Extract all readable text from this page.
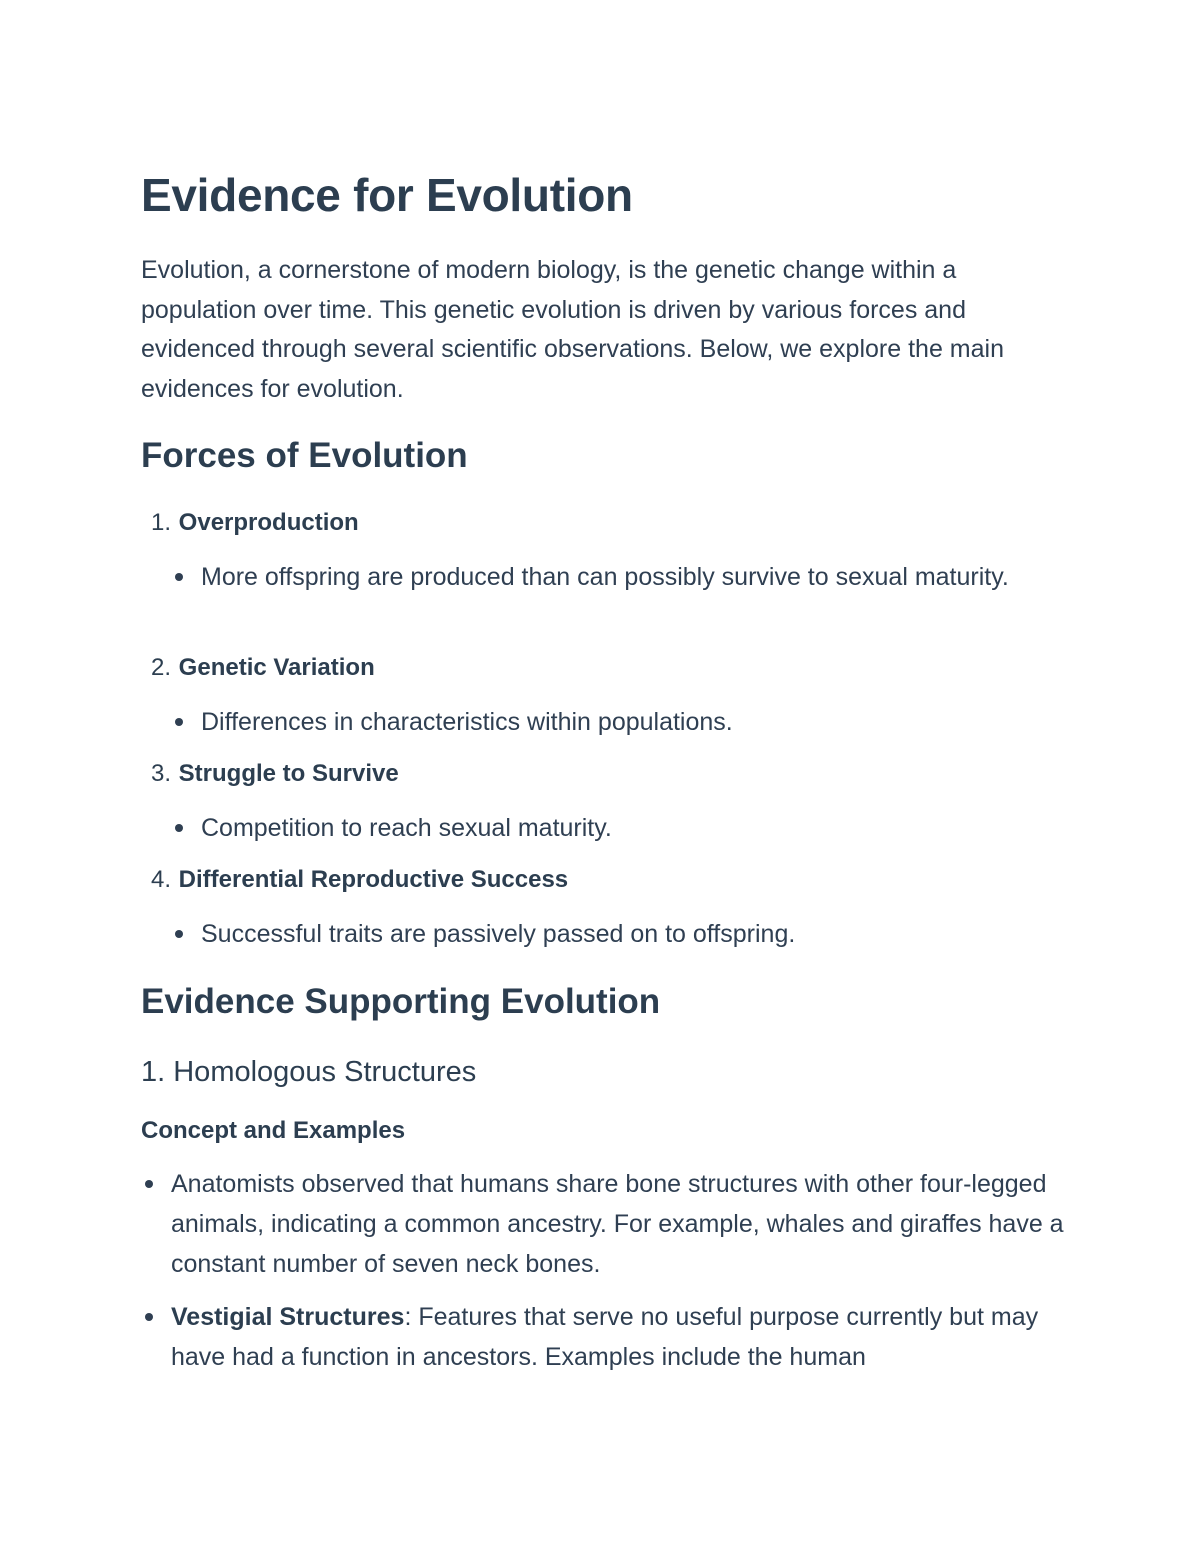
Evidence for Evolution

Evolution, a cornerstone of modern biology, is the genetic change within a population over time. This genetic evolution is driven by various forces and evidenced through several scientific observations. Below, we explore the main evidences for evolution.

Forces of Evolution
1. Overproduction
More offspring are produced than can possibly survive to sexual maturity.
2. Genetic Variation
Differences in characteristics within populations.
3. Struggle to Survive
Competition to reach sexual maturity.
4. Differential Reproductive Success
Successful traits are passively passed on to offspring.
Evidence Supporting Evolution
1. Homologous Structures
Concept and Examples
Anatomists observed that humans share bone structures with other four-legged animals, indicating a common ancestry. For example, whales and giraffes have a constant number of seven neck bones.
Vestigial Structures: Features that serve no useful purpose currently but may have had a function in ancestors. Examples include the human
